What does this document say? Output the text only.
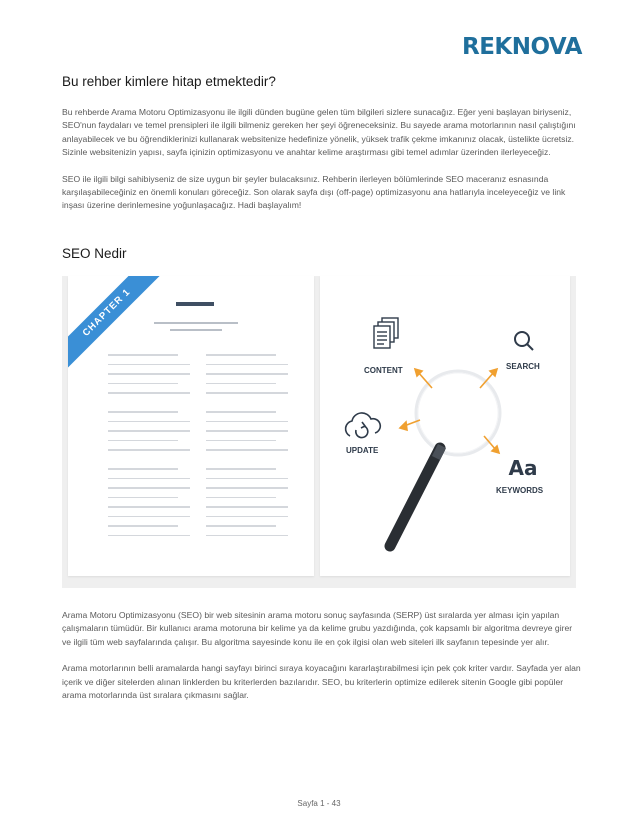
REKNOVA
Bu rehber kimlere hitap etmektedir?

Bu rehberde Arama Motoru Optimizasyonu ile ilgili dünden bugüne gelen tüm bilgileri sizlere sunacağız. Eğer yeni başlayan biriyseniz, SEO'nun faydaları ve temel prensipleri ile ilgili bilmeniz gereken her şeyi öğreneceksiniz. Bu sayede arama motorlarının nasıl çalıştığını anlayabilecek ve bu öğrendiklerinizi kullanarak websitenize hedefinize yönelik, yüksek trafik çekme imkanınız olacak, üstelikte ücretsiz. Sizinle websitenizin yapısı, sayfa içinizin optimizasyonu ve anahtar kelime araştırması gibi temel adımlar üzerinden ilerleyeceğiz.

SEO ile ilgili bilgi sahibiyseniz de size uygun bir şeyler bulacaksınız. Rehberin ilerleyen bölümlerinde SEO maceranız esnasında karşılaşabileceğiniz en önemli konuları göreceğiz. Son olarak sayfa dışı (off-page) optimizasyonu ana hatlarıyla inceleyeceğiz ve link inşası üzerine derinlemesine yoğunlaşacağız. Hadi başlayalım!

SEO Nedir
CHAPTER 1
Aa
CONTENT	SEARCH
UPDATE
KEYWORDS

Arama Motoru Optimizasyonu (SEO) bir web sitesinin arama motoru sonuç sayfasında (SERP) üst sıralarda yer alması için yapılan çalışmaların tümüdür. Bir kullanıcı arama motoruna bir kelime ya da kelime grubu yazdığında, çok kapsamlı bir algoritma devreye girer ve ilgili tüm web sayfalarında çalışır. Bu algoritma sayesinde konu ile en çok ilgisi olan web siteleri ilk sayfanın tepesinde yer alır.

Arama motorlarının belli aramalarda hangi sayfayı birinci sıraya koyacağını kararlaştırabilmesi için pek çok kriter vardır. Sayfada yer alan içerik ve diğer sitelerden alınan linklerden bu kriterlerden bazılarıdır. SEO, bu kriterlerin optimize edilerek sitenin Google gibi popüler arama motorlarında üst sıralara çıkmasını sağlar.

Sayfa 1 - 43
